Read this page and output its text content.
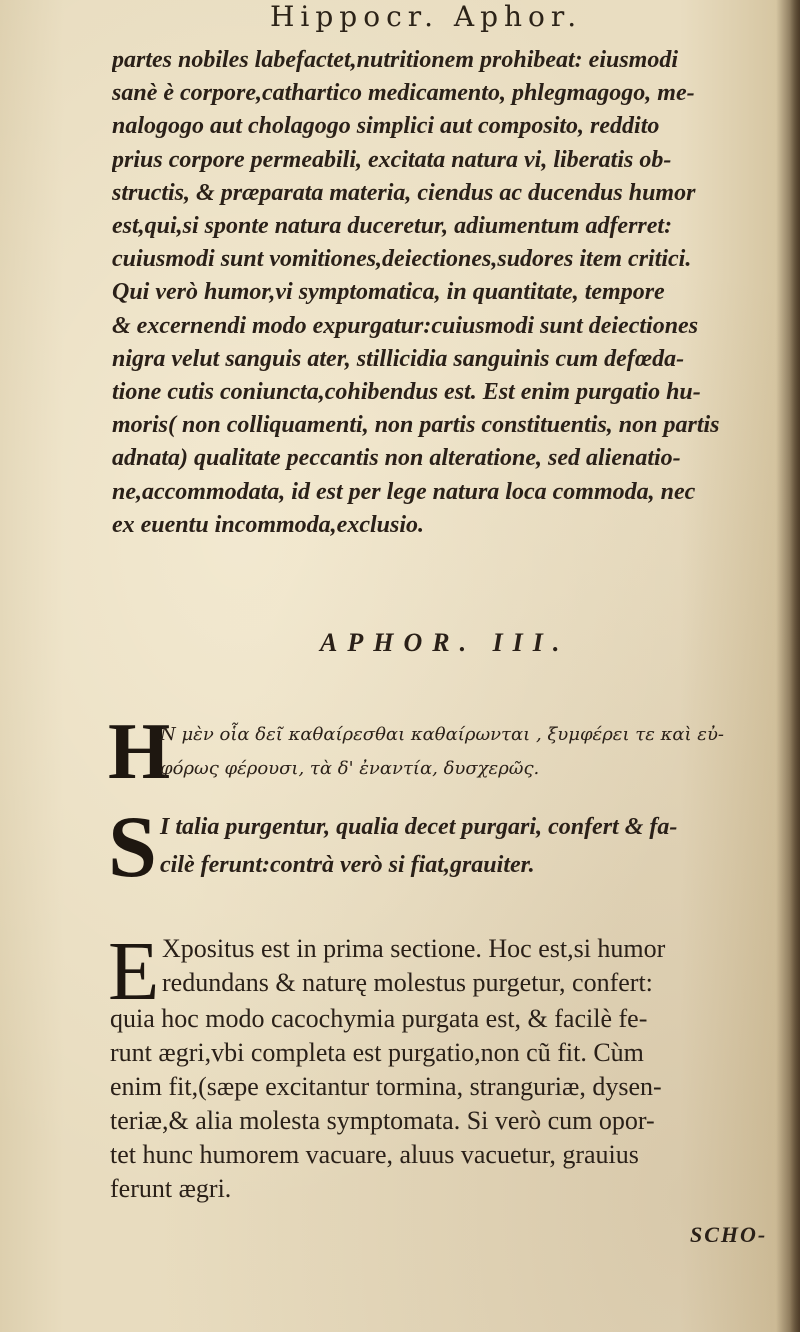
Hippocr. Aphor.
partes nobiles labefactet,nutritionem prohibeat: eiusmodi
sanè è corpore,cathartico medicamento, phlegmagogo, me-
nalogogo aut cholagogo simplici aut composito, reddito
prius corpore permeabili, excitata natura vi, liberatis ob-
structis, & præparata materia, ciendus ac ducendus humor
est,qui,si sponte natura duceretur, adiumentum adferret:
cuiusmodi sunt vomitiones,deiectiones,sudores item critici.
Qui verò humor,vi symptomatica, in quantitate, tempore
& excernendi modo expurgatur:cuiusmodi sunt deiectiones
nigra velut sanguis ater, stillicidia sanguinis cum defœda-
tione cutis coniuncta,cohibendus est. Est enim purgatio hu-
moris( non colliquamenti, non partis constituentis, non partis
adnata) qualitate peccantis non alteratione, sed alienatio-
ne,accommodata, id est per lege natura loca commoda, nec
ex euentu incommoda,exclusio.
APHOR. III.
H
Ν μὲν οἷα δεῖ καθαίρεσθαι καθαίρωνται , ξυμφέρει τε καὶ εὐ-
φόρως φέρουσι, τὰ δ' ἐναντία, δυσχερῶς.
S I talia purgentur, qualia decet purgari, confert & fa-
cilè ferunt:contrà verò si fiat,grauiter.
E Xpositus est in prima sectione. Hoc est,si humor
redundans & naturę molestus purgetur, confert:
quia hoc modo cacochymia purgata est, & facilè fe-
runt ægri,vbi completa est purgatio,non cũ fit. Cùm
enim fit,(sæpe excitantur tormina, stranguriæ, dysen-
teriæ,& alia molesta symptomata. Si verò cum opor-
tet hunc humorem vacuare, aluus vacuetur, grauius
ferunt ægri.
SCHO-
